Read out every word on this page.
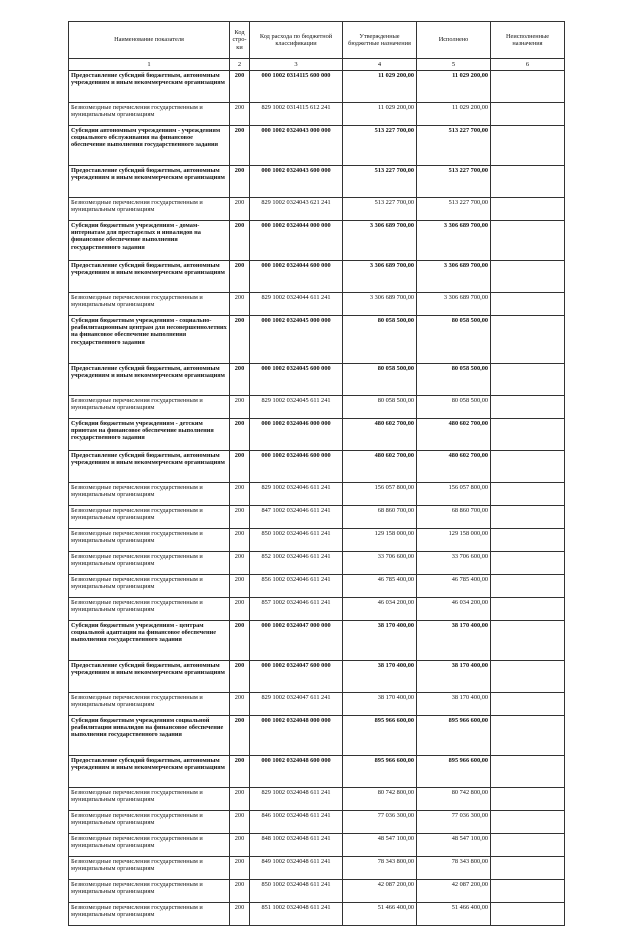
Наименование показателя	Код стро-ки	Код расхода по бюджетной классификации	Утвержденные бюджетные назначения	Исполнено	Неисполненные назначения
1	2	3	4	5	6
Предоставление субсидий бюджетным, автономным учреждениям и иным некоммерческим организациям	200	000 1002 0314115 600 000	11 029 200,00	11 029 200,00	
Безвозмездные перечисления государственным и муниципальным организациям	200	829 1002 0314115 612 241	11 029 200,00	11 029 200,00	
Субсидии автономным учреждениям - учреждениям социального обслуживания на финансовое обеспечение выполнения государственного задания	200	000 1002 0324043 000 000	513 227 700,00	513 227 700,00	
Предоставление субсидий бюджетным, автономным учреждениям и иным некоммерческим организациям	200	000 1002 0324043 600 000	513 227 700,00	513 227 700,00	
Безвозмездные перечисления государственным и муниципальным организациям	200	829 1002 0324043 621 241	513 227 700,00	513 227 700,00	
Субсидии бюджетным учреждениям - домам-интернатам для престарелых и инвалидов на финансовое обеспечение выполнения государственного задания	200	000 1002 0324044 000 000	3 306 689 700,00	3 306 689 700,00	
Предоставление субсидий бюджетным, автономным учреждениям и иным некоммерческим организациям	200	000 1002 0324044 600 000	3 306 689 700,00	3 306 689 700,00	
Безвозмездные перечисления государственным и муниципальным организациям	200	829 1002 0324044 611 241	3 306 689 700,00	3 306 689 700,00	
Субсидии бюджетным учреждениям - социально-реабилитационным центрам для несовершеннолетних на финансовое обеспечение выполнения государственного задания	200	000 1002 0324045 000 000	80 058 500,00	80 058 500,00	
Предоставление субсидий бюджетным, автономным учреждениям и иным некоммерческим организациям	200	000 1002 0324045 600 000	80 058 500,00	80 058 500,00	
Безвозмездные перечисления государственным и муниципальным организациям	200	829 1002 0324045 611 241	80 058 500,00	80 058 500,00	
Субсидии бюджетным учреждениям - детским приютам на финансовое обеспечение выполнения государственного задания	200	000 1002 0324046 000 000	480 602 700,00	480 602 700,00	
Предоставление субсидий бюджетным, автономным учреждениям и иным некоммерческим организациям	200	000 1002 0324046 600 000	480 602 700,00	480 602 700,00	
Безвозмездные перечисления государственным и муниципальным организациям	200	829 1002 0324046 611 241	156 057 800,00	156 057 800,00	
Безвозмездные перечисления государственным и муниципальным организациям	200	847 1002 0324046 611 241	68 860 700,00	68 860 700,00	
Безвозмездные перечисления государственным и муниципальным организациям	200	850 1002 0324046 611 241	129 158 000,00	129 158 000,00	
Безвозмездные перечисления государственным и муниципальным организациям	200	852 1002 0324046 611 241	33 706 600,00	33 706 600,00	
Безвозмездные перечисления государственным и муниципальным организациям	200	856 1002 0324046 611 241	46 785 400,00	46 785 400,00	
Безвозмездные перечисления государственным и муниципальным организациям	200	857 1002 0324046 611 241	46 034 200,00	46 034 200,00	
Субсидии бюджетным учреждениям - центрам социальной адаптации на финансовое обеспечение выполнения государственного задания	200	000 1002 0324047 000 000	38 170 400,00	38 170 400,00	
Предоставление субсидий бюджетным, автономным учреждениям и иным некоммерческим организациям	200	000 1002 0324047 600 000	38 170 400,00	38 170 400,00	
Безвозмездные перечисления государственным и муниципальным организациям	200	829 1002 0324047 611 241	38 170 400,00	38 170 400,00	
Субсидии бюджетным учреждениям социальной реабилитации инвалидов на финансовое обеспечение выполнения государственного задания	200	000 1002 0324048 000 000	895 966 600,00	895 966 600,00	
Предоставление субсидий бюджетным, автономным учреждениям и иным некоммерческим организациям	200	000 1002 0324048 600 000	895 966 600,00	895 966 600,00	
Безвозмездные перечисления государственным и муниципальным организациям	200	829 1002 0324048 611 241	80 742 800,00	80 742 800,00	
Безвозмездные перечисления государственным и муниципальным организациям	200	846 1002 0324048 611 241	77 036 300,00	77 036 300,00	
Безвозмездные перечисления государственным и муниципальным организациям	200	848 1002 0324048 611 241	48 547 100,00	48 547 100,00	
Безвозмездные перечисления государственным и муниципальным организациям	200	849 1002 0324048 611 241	78 343 800,00	78 343 800,00	
Безвозмездные перечисления государственным и муниципальным организациям	200	850 1002 0324048 611 241	42 087 200,00	42 087 200,00	
Безвозмездные перечисления государственным и муниципальным организациям	200	851 1002 0324048 611 241	51 466 400,00	51 466 400,00	
